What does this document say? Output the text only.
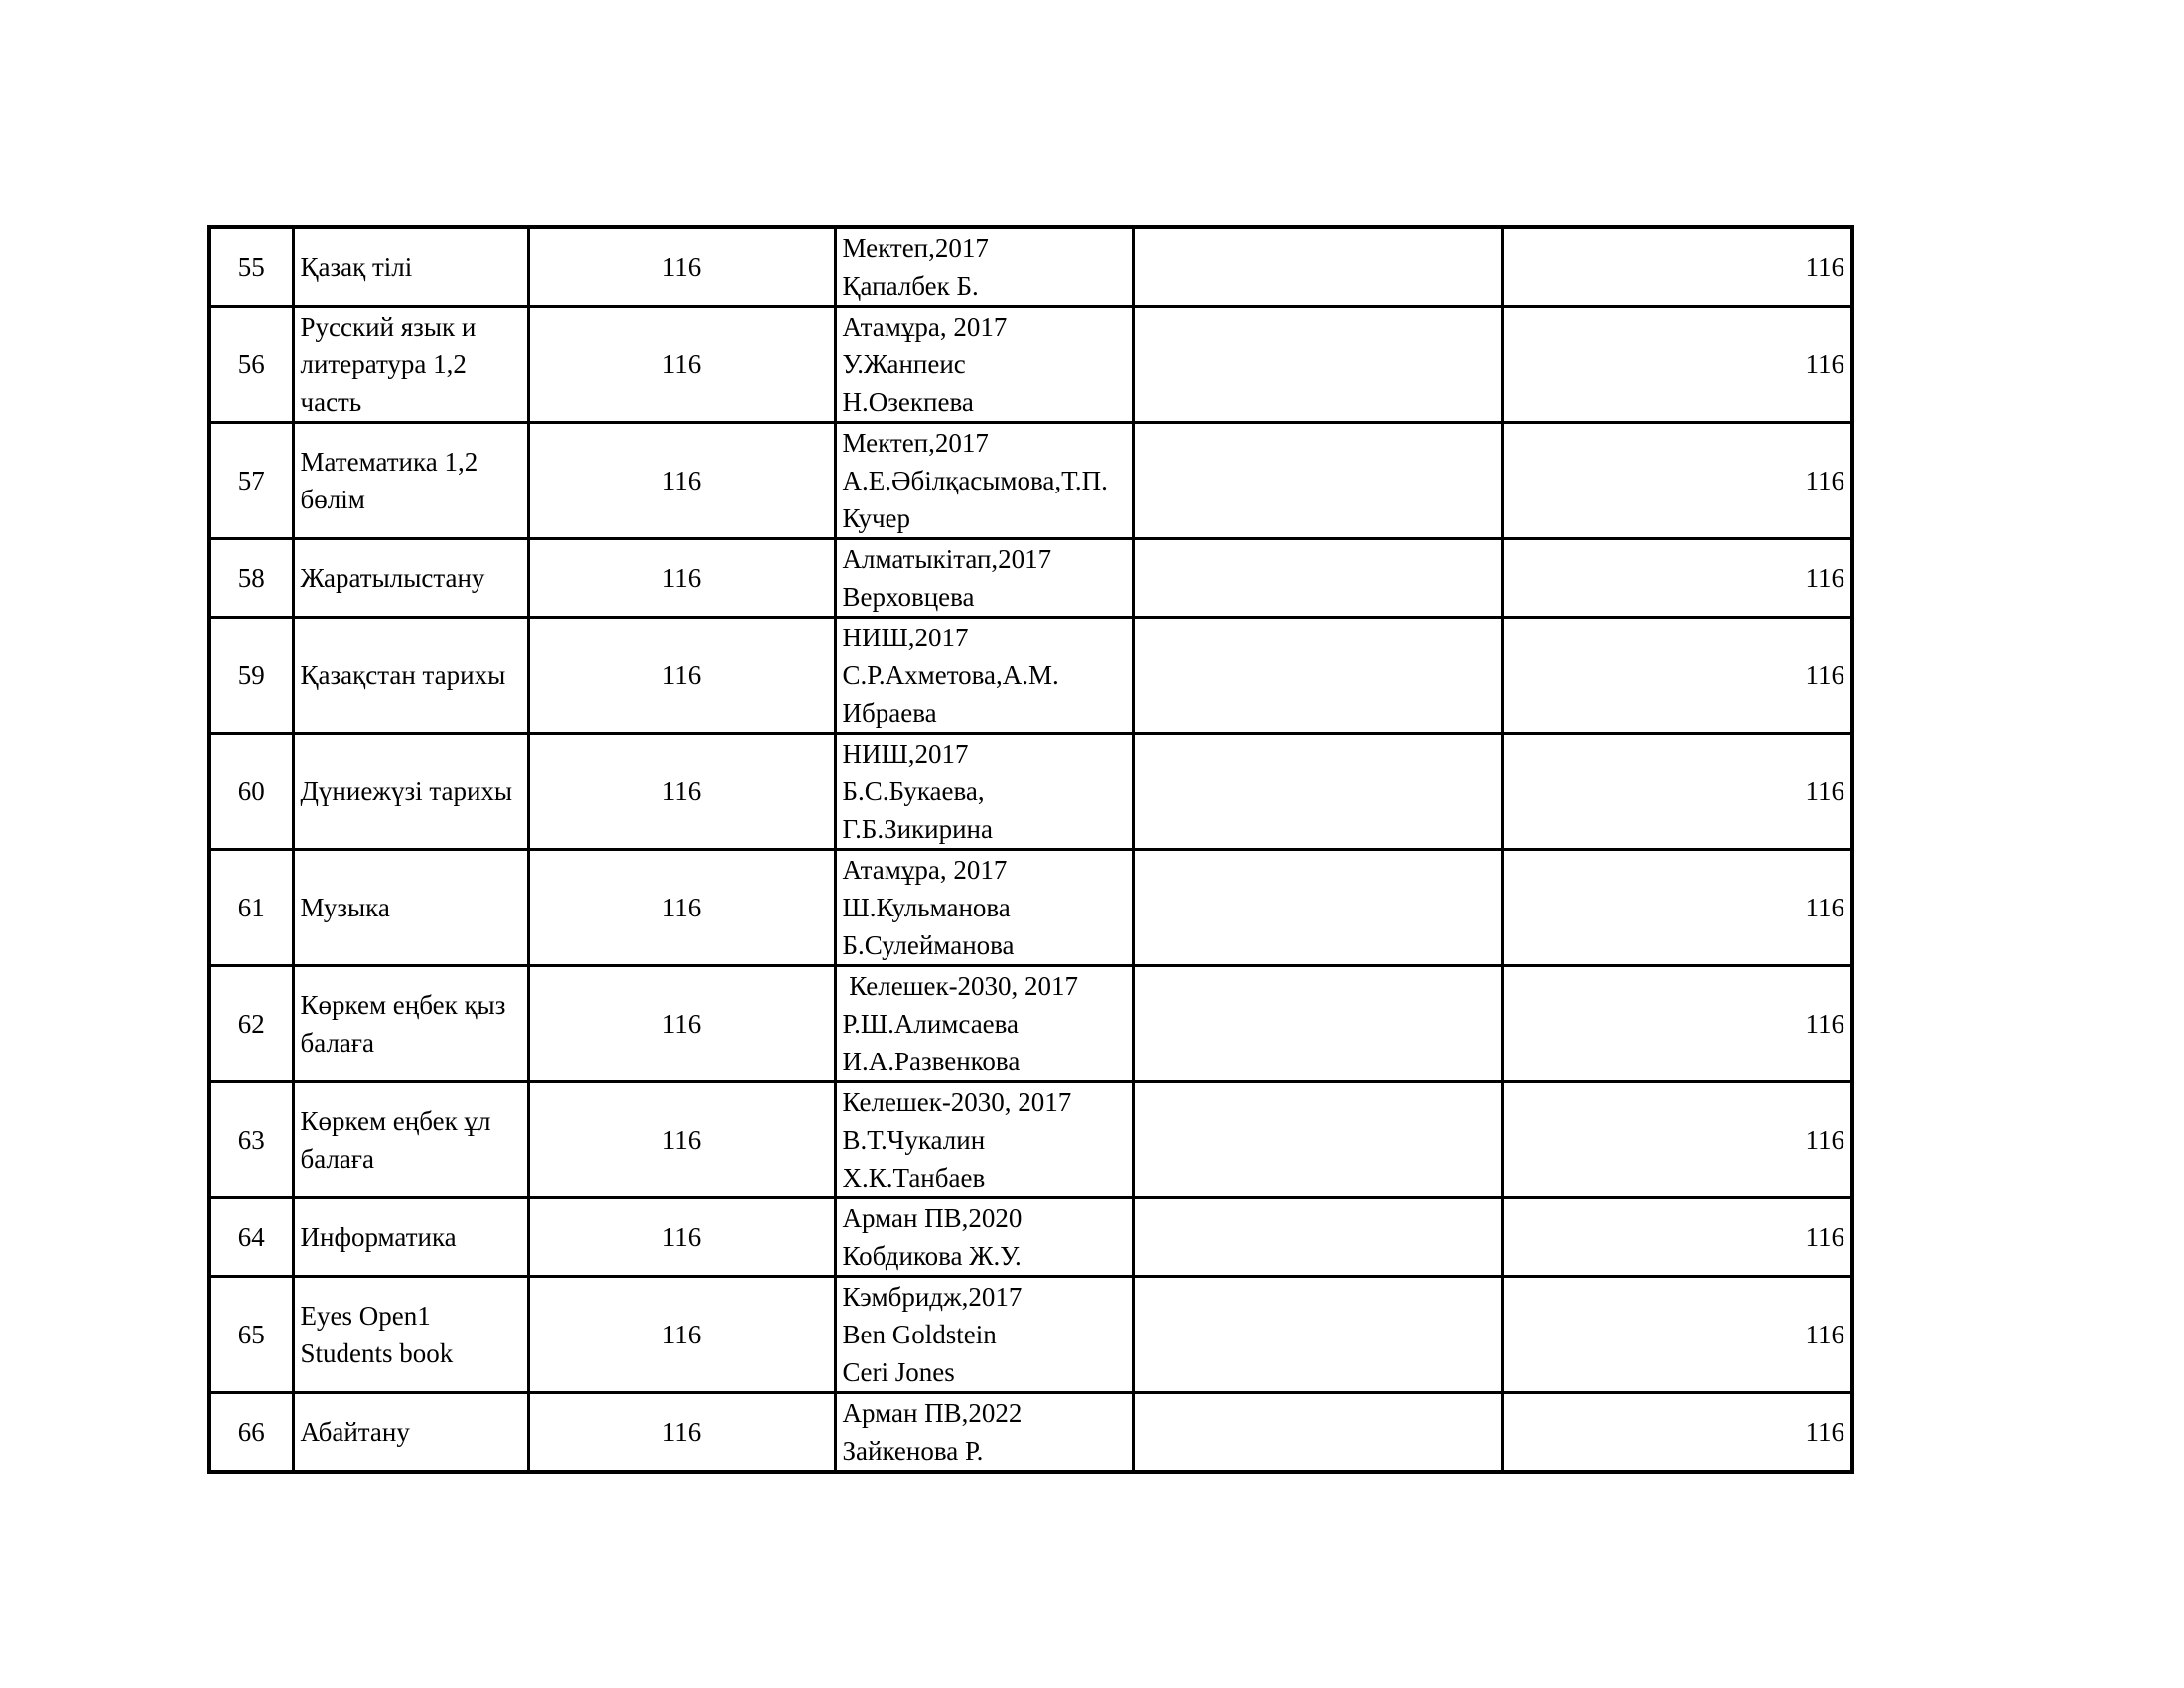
55	Қазақ тілі	116	Мектеп,2017
Қапалбек Б.		116
56	Русский язык и литература 1,2 часть	116	Атамұра, 2017
У.Жанпеис
Н.Озекпева		116
57	Математика 1,2 бөлім	116	Мектеп,2017
А.Е.Әбілқасымова,Т.П.
Кучер		116
58	Жаратылыстану	116	Алматыкітап,2017
Верховцева		116
59	Қазақстан тарихы	116	НИШ,2017
С.Р.Ахметова,А.М.
Ибраева		116
60	Дүниежүзі тарихы	116	НИШ,2017
Б.С.Букаева,
Г.Б.Зикирина		116
61	Музыка	116	Атамұра, 2017
Ш.Кульманова
Б.Сулейманова		116
62	Көркем еңбек қыз балаға	116	Келешек-2030, 2017
Р.Ш.Алимсаева
И.А.Развенкова		116
63	Көркем еңбек ұл балаға	116	Келешек-2030, 2017
В.Т.Чукалин
Х.К.Танбаев		116
64	Информатика	116	Арман ПВ,2020
Кобдикова Ж.У.		116
65	Eyes Open1 Students book	116	Кэмбридж,2017
Ben Goldstein
Ceri Jones		116
66	Абайтану	116	Арман ПВ,2022
Зайкенова Р.		116
